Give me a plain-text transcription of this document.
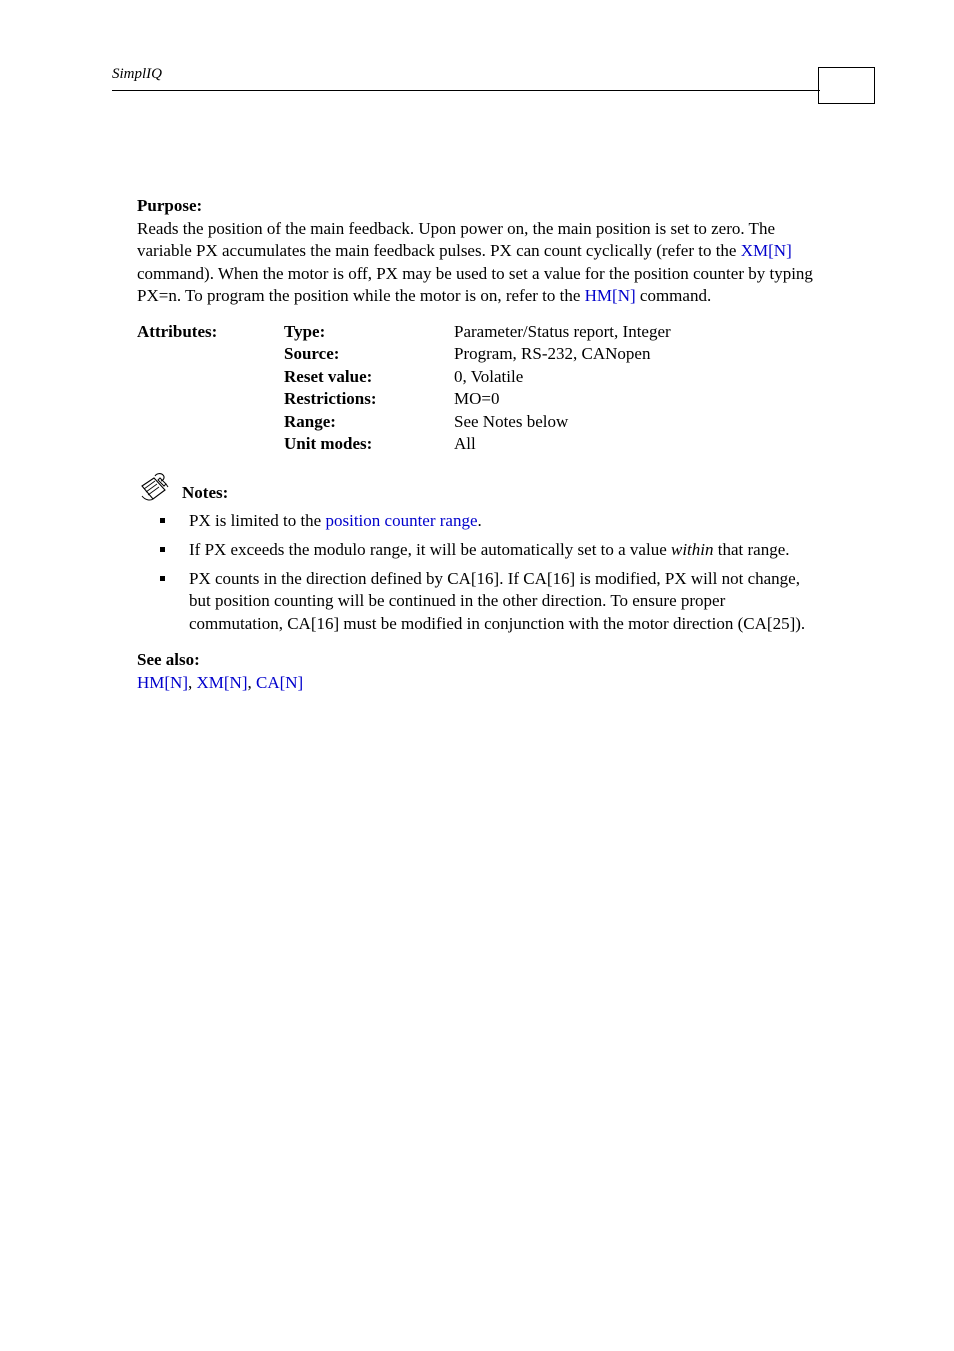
SimplIQ
Purpose:

Reads the position of the main feedback. Upon power on, the main position is set to zero. The variable PX accumulates the main feedback pulses. PX can count cyclically (refer to the XM[N] command). When the motor is off, PX may be used to set a value for the position counter by typing PX=n. To program the position while the motor is on, refer to the HM[N] command.

Attributes:	Type:	Parameter/Status report, Integer
	Source:	Program, RS-232, CANopen
	Reset value:	0, Volatile
	Restrictions:	MO=0
	Range:	See Notes below
	Unit modes:	All
Notes:
PX is limited to the position counter range.
If PX exceeds the modulo range, it will be automatically set to a value within that range.
PX counts in the direction defined by CA[16]. If CA[16] is modified, PX will not change, but position counting will be continued in the other direction. To ensure proper commutation, CA[16] must be modified in conjunction with the motor direction (CA[25]).
See also:
HM[N], XM[N], CA[N]
